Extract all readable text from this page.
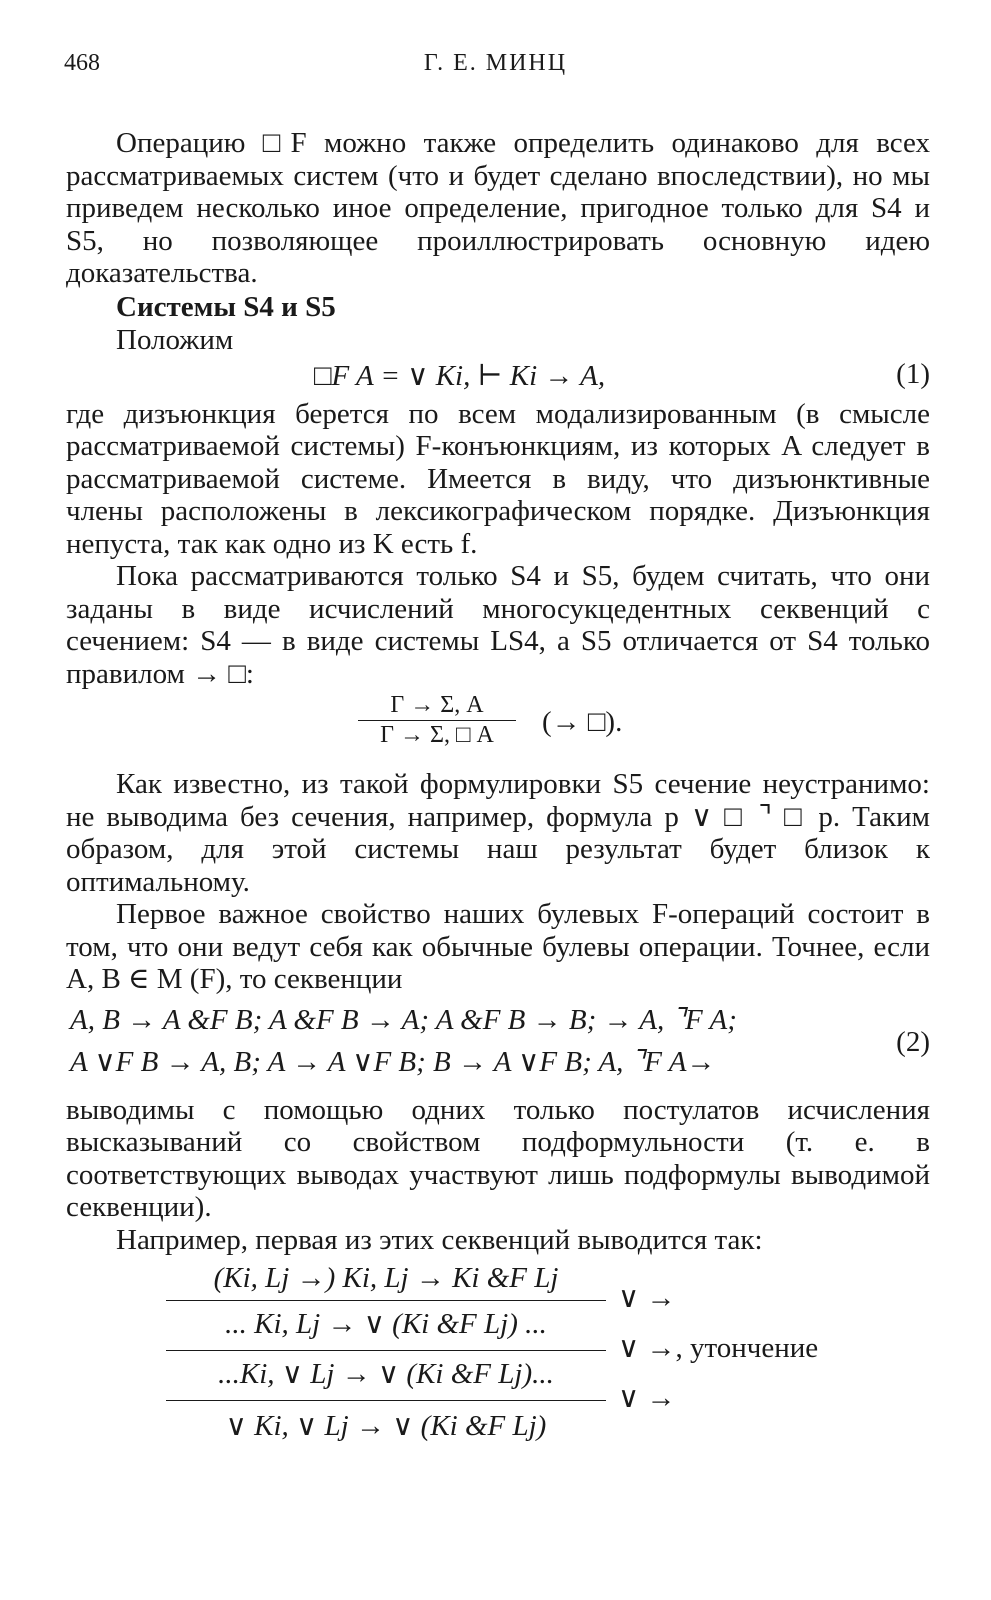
468	Г. Е. МИНЦ

Операцию □F можно также определить одинаково для всех рассматриваемых систем (что и будет сделано впоследствии), но мы приведем несколько иное определение, пригодное только для S4 и S5, но позволяющее проиллюстрировать основную идею доказательства.

Системы S4 и S5
Положим
□F A = ∨ Ki, ⊢ Ki → A,	(1)

где дизъюнкция берется по всем модализированным (в смысле рассматриваемой системы) F-конъюнкциям, из которых A следует в рассматриваемой системе. Имеется в виду, что дизъюнктивные члены расположены в лексикографическом порядке. Дизъюнкция непуста, так как одно из K есть f.

Пока рассматриваются только S4 и S5, будем считать, что они заданы в виде исчислений многосукцедентных секвенций с сечением: S4 — в виде системы LS4, а S5 отличается от S4 только правилом → □:

Γ → Σ, A
Γ → Σ, □ A	(→ □).

Как известно, из такой формулировки S5 сечение неустранимо: не выводима без сечения, например, формула p ∨ □ ⌝ □ p. Таким образом, для этой системы наш результат будет близок к оптимальному.

Первое важное свойство наших булевых F-операций состоит в том, что они ведут себя как обычные булевы операции. Точнее, если A, B ∈ M (F), то секвенции

A, B → A &F B; A &F B → A; A &F B → B; → A, ⌝F A;
A ∨F B → A, B; A → A ∨F B; B → A ∨F B; A, ⌝F A→
(2)

выводимы с помощью одних только постулатов исчисления высказываний со свойством подформульности (т. е. в соответствующих выводах участвуют лишь подформулы выводимой секвенции).

Например, первая из этих секвенций выводится так:

(Ki, Lj →) Ki, Lj → Ki &F Lj
∨ →
... Ki, Lj → ∨ (Ki &F Lj) ...
∨ →, утончение
...Ki, ∨ Lj → ∨ (Ki &F Lj)...
∨ →
∨ Ki, ∨ Lj → ∨ (Ki &F Lj)
